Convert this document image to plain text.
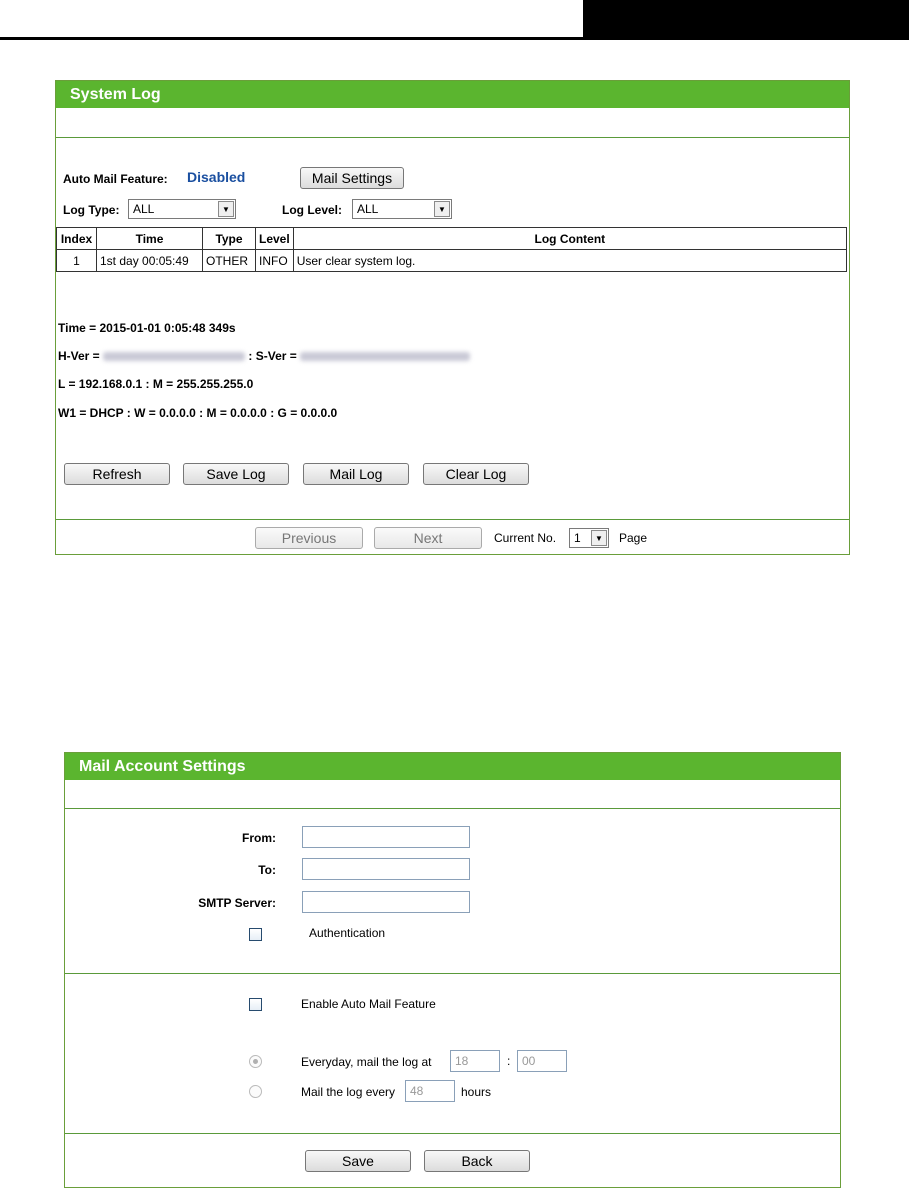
System Log
Auto Mail Feature: Disabled	Mail Settings
Log Type:	ALL	▼	Log Level:	ALL	▼
Index	Time	Type	Level	Log Content
1	1st day 00:05:49	OTHER	INFO	User clear system log.
Time = 2015-01-01 0:05:48 349s
H-Ver =	: S-Ver =
L = 192.168.0.1 : M = 255.255.255.0
W1 = DHCP : W = 0.0.0.0 : M = 0.0.0.0 : G = 0.0.0.0
Refresh	Save Log	Mail Log	Clear Log
Previous	Next	Current No.	1	▼	Page
Mail Account Settings
From:
To:
SMTP Server:
Authentication
Enable Auto Mail Feature
Everyday, mail the log at	18	: 00
Mail the log every	48	hours
Save	Back
